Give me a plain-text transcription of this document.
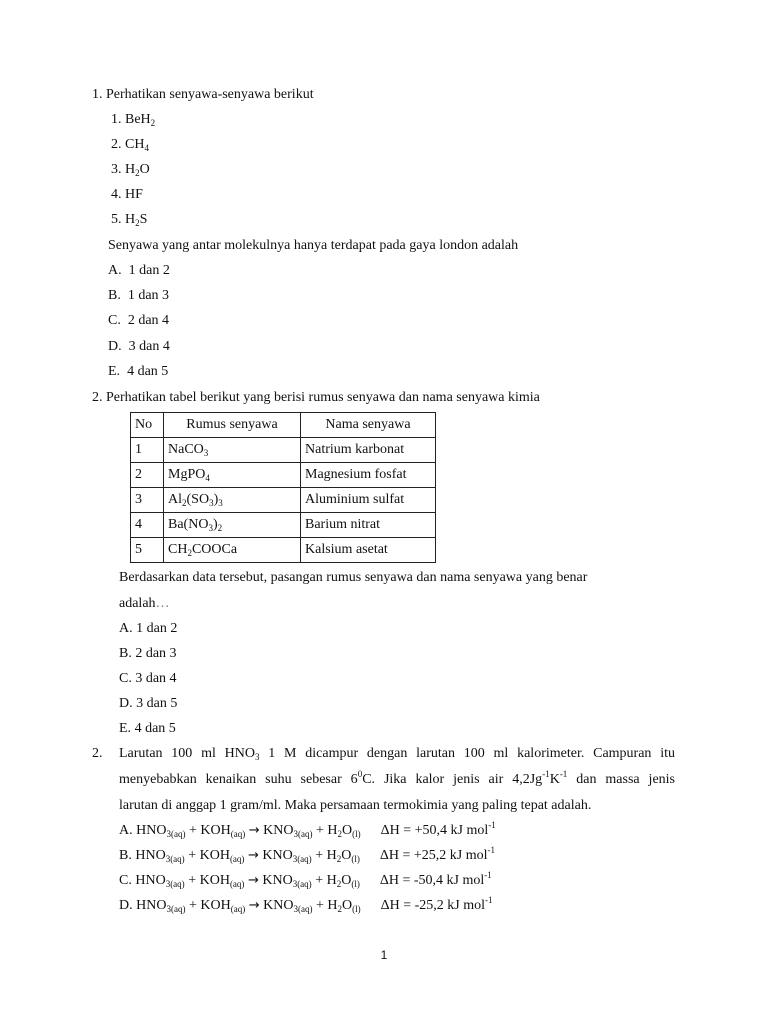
1. Perhatikan senyawa-senyawa berikut
1. BeH$_2$
2. $CH_4$
3. $H_2O$
4. HF
5. $H_2S$
Senyawa yang antar molekulnya hanya terdapat pada gaya london adalah
A. 1 dan 2
B. 1 dan 3
C. 2 dan 4
D. 3 dan 4
E. 4 dan 5
2. Perhatikan tabel berikut yang berisi rumus senyawa dan nama senyawa kimia
No	Rumus senyawa	Nama senyawa
1	NaCO$_3$	Natrium karbonat
2	MgPO$_4$	Magnesium fosfat
3	$Al_2(SO_3)_3$	Aluminium sulfat
4	$Ba(NO_3)_2$	Barium nitrat
5	$CH_2COOCa$	Kalsium asetat
Berdasarkan data tersebut, pasangan rumus senyawa dan nama senyawa yang benar
adalah…
A. 1 dan 2
B. 2 dan 3
C. 3 dan 4
D. 3 dan 5
E. 4 dan 5
2. Larutan 100 ml $HNO_3$ 1 M dicampur dengan larutan 100 ml kalorimeter. Campuran itu
menyebabkan kenaikan suhu sebesar $6^0C$. Jika kalor jenis air $4,2Jg^{-1}K^{-1}$ dan massa jenis
larutan di anggap 1 gram/ml. Maka persamaan termokimia yang paling tepat adalah.
A. $HNO_{3(aq)} + KOH_{(aq)} \to KNO_{3(aq)} + H_2O_{(l)}$ ΔH = +50,4 kJ mol$^{-1}$
B. $HNO_{3(aq)} + KOH_{(aq)} \to KNO_{3(aq)} + H_2O_{(l)}$ ΔH = +25,2 kJ mol$^{-1}$
C. $HNO_{3(aq)} + KOH_{(aq)} \to KNO_{3(aq)} + H_2O_{(l)}$ ΔH = -50,4 kJ mol$^{-1}$
D. $HNO_{3(aq)} + KOH_{(aq)} \to KNO_{3(aq)} + H_2O_{(l)}$ ΔH = -25,2 kJ mol$^{-1}$
1
